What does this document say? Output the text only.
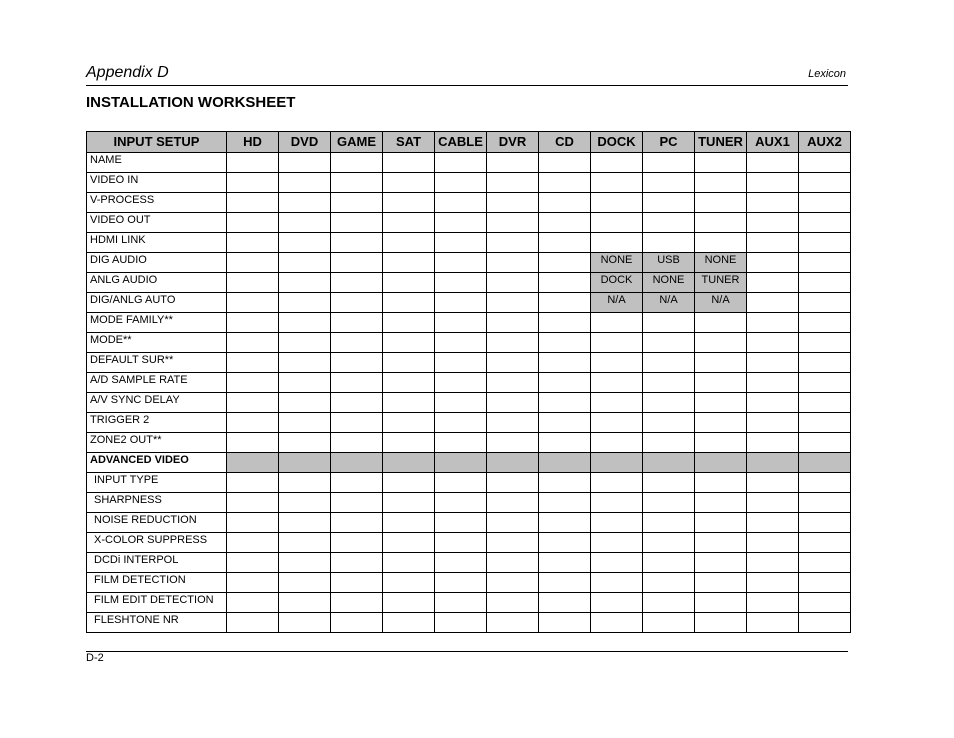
Appendix D	Lexicon
INSTALLATION WORKSHEET
INPUT SETUP	HD	DVD	GAME	SAT	CABLE	DVR	CD	DOCK	PC	TUNER	AUX1	AUX2
NAME												
VIDEO IN												
V-PROCESS												
VIDEO OUT												
HDMI LINK												
DIG AUDIO								NONE	USB	NONE		
ANLG AUDIO								DOCK	NONE	TUNER		
DIG/ANLG AUTO								N/A	N/A	N/A		
MODE FAMILY**												
MODE**												
DEFAULT SUR**												
A/D SAMPLE RATE												
A/V SYNC DELAY												
TRIGGER 2												
ZONE2 OUT**												
ADVANCED VIDEO												
INPUT TYPE												
SHARPNESS												
NOISE REDUCTION												
X-COLOR SUPPRESS												
DCDi INTERPOL												
FILM DETECTION												
FILM EDIT DETECTION												
FLESHTONE NR												
D-2
